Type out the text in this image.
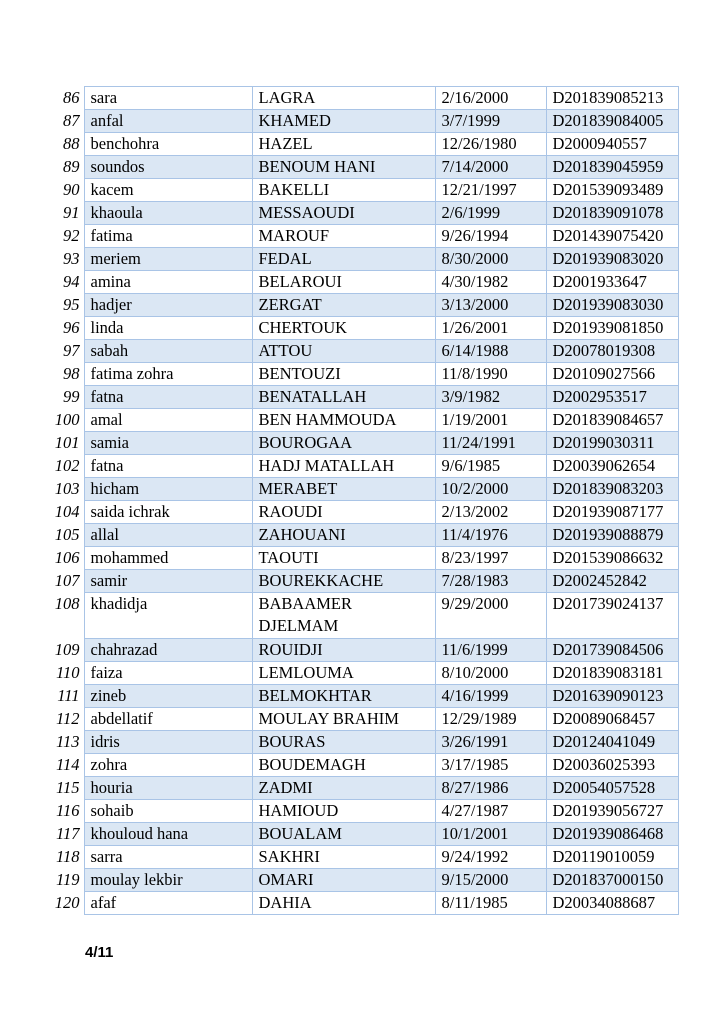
86	sara	LAGRA	2/16/2000	D201839085213
87	anfal	KHAMED	3/7/1999	D201839084005
88	benchohra	HAZEL	12/26/1980	D2000940557
89	soundos	BENOUM HANI	7/14/2000	D201839045959
90	kacem	BAKELLI	12/21/1997	D201539093489
91	khaoula	MESSAOUDI	2/6/1999	D201839091078
92	fatima	MAROUF	9/26/1994	D201439075420
93	meriem	FEDAL	8/30/2000	D201939083020
94	amina	BELAROUI	4/30/1982	D2001933647
95	hadjer	ZERGAT	3/13/2000	D201939083030
96	linda	CHERTOUK	1/26/2001	D201939081850
97	sabah	ATTOU	6/14/1988	D20078019308
98	fatima zohra	BENTOUZI	11/8/1990	D20109027566
99	fatna	BENATALLAH	3/9/1982	D2002953517
100	amal	BEN HAMMOUDA	1/19/2001	D201839084657
101	samia	BOUROGAA	11/24/1991	D20199030311
102	fatna	HADJ MATALLAH	9/6/1985	D20039062654
103	hicham	MERABET	10/2/2000	D201839083203
104	saida ichrak	RAOUDI	2/13/2002	D201939087177
105	allal	ZAHOUANI	11/4/1976	D201939088879
106	mohammed	TAOUTI	8/23/1997	D201539086632
107	samir	BOUREKKACHE	7/28/1983	D2002452842
108	khadidja	BABAAMER DJELMAM	9/29/2000	D201739024137
109	chahrazad	ROUIDJI	11/6/1999	D201739084506
110	faiza	LEMLOUMA	8/10/2000	D201839083181
111	zineb	BELMOKHTAR	4/16/1999	D201639090123
112	abdellatif	MOULAY BRAHIM	12/29/1989	D20089068457
113	idris	BOURAS	3/26/1991	D20124041049
114	zohra	BOUDEMAGH	3/17/1985	D20036025393
115	houria	ZADMI	8/27/1986	D20054057528
116	sohaib	HAMIOUD	4/27/1987	D201939056727
117	khouloud hana	BOUALAM	10/1/2001	D201939086468
118	sarra	SAKHRI	9/24/1992	D20119010059
119	moulay lekbir	OMARI	9/15/2000	D201837000150
120	afaf	DAHIA	8/11/1985	D20034088687
4/11
